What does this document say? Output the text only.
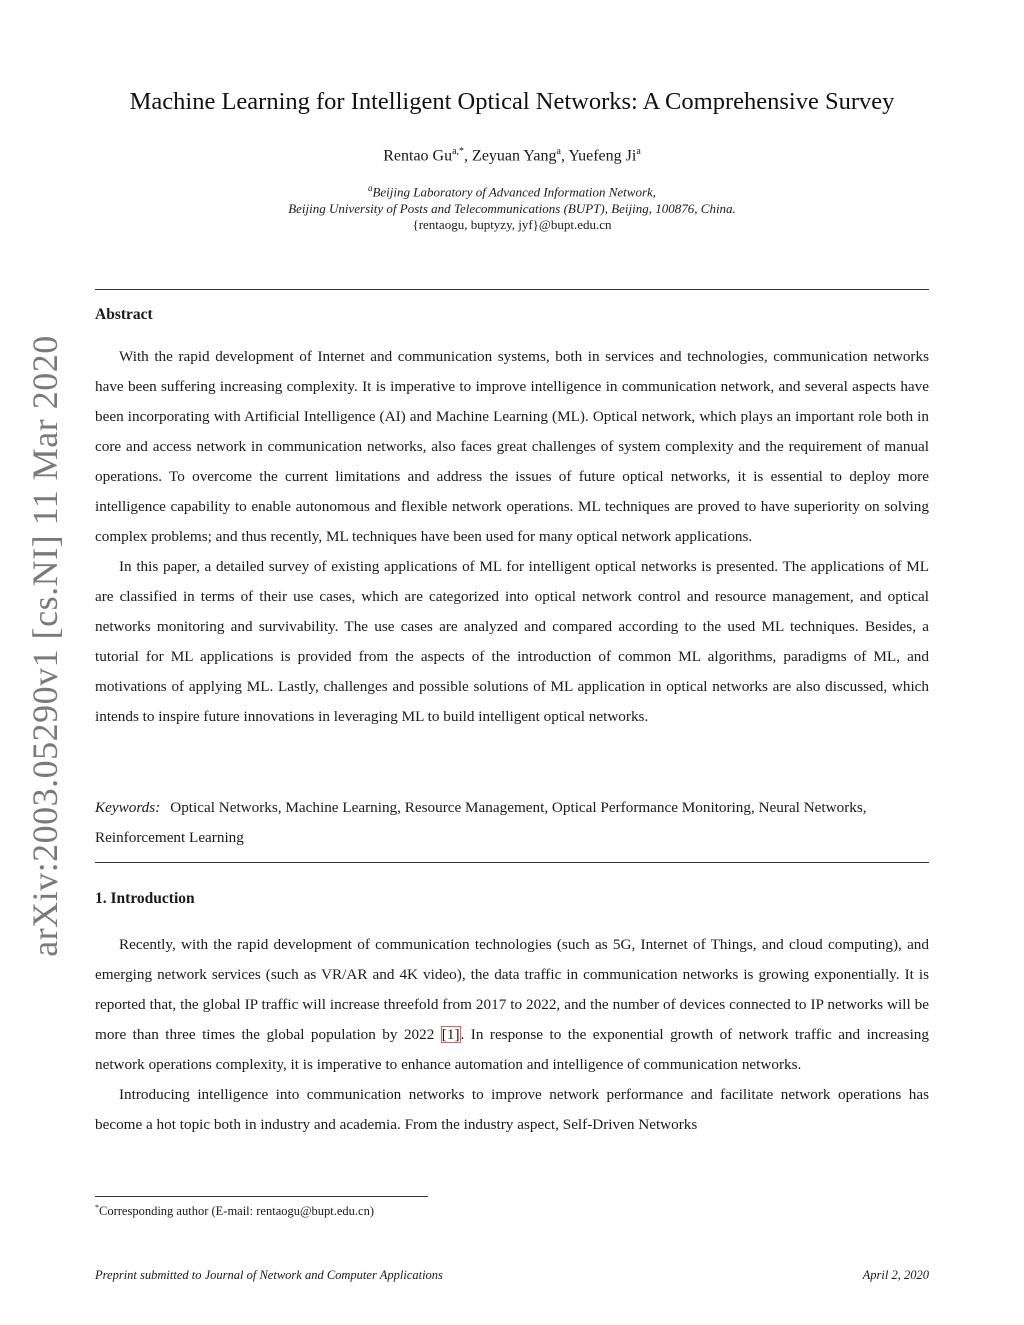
arXiv:2003.05290v1 [cs.NI] 11 Mar 2020
Machine Learning for Intelligent Optical Networks: A Comprehensive Survey
Rentao $Gu^{a,*}$, Zeyuan Yang$^a$, Yuefeng Ji$^a$
$^a$Beijing Laboratory of Advanced Information Network,
Beijing University of Posts and Telecommunications (BUPT), Beijing, 100876, China.
{rentaogu, buptyzy, jyf}@bupt.edu.cn
Abstract

With the rapid development of Internet and communication systems, both in services and technologies, communication networks have been suffering increasing complexity. It is imperative to improve intelligence in communication network, and several aspects have been incorporating with Artificial Intelligence (AI) and Machine Learning (ML). Optical network, which plays an important role both in core and access network in communication networks, also faces great challenges of system complexity and the requirement of manual operations. To overcome the current limitations and address the issues of future optical networks, it is essential to deploy more intelligence capability to enable autonomous and flexible network operations. ML techniques are proved to have superiority on solving complex problems; and thus recently, ML techniques have been used for many optical network applications.

In this paper, a detailed survey of existing applications of ML for intelligent optical networks is presented. The applications of ML are classified in terms of their use cases, which are categorized into optical network control and resource management, and optical networks monitoring and survivability. The use cases are analyzed and compared according to the used ML techniques. Besides, a tutorial for ML applications is provided from the aspects of the introduction of common ML algorithms, paradigms of ML, and motivations of applying ML. Lastly, challenges and possible solutions of ML application in optical networks are also discussed, which intends to inspire future innovations in leveraging ML to build intelligent optical networks.

Keywords: Optical Networks, Machine Learning, Resource Management, Optical Performance Monitoring, Neural Networks, Reinforcement Learning
1. Introduction

Recently, with the rapid development of communication technologies (such as 5G, Internet of Things, and cloud computing), and emerging network services (such as VR/AR and 4K video), the data traffic in communication networks is growing exponentially. It is reported that, the global IP traffic will increase threefold from 2017 to 2022, and the number of devices connected to IP networks will be more than three times the global population by 2022 [1]. In response to the exponential growth of network traffic and increasing network operations complexity, it is imperative to enhance automation and intelligence of communication networks.

Introducing intelligence into communication networks to improve network performance and facilitate network operations has become a hot topic both in industry and academia. From the industry aspect, Self-Driven Networks

*Corresponding author (E-mail: rentaogu@bupt.edu.cn)
Preprint submitted to Journal of Network and Computer Applications	April 2, 2020
